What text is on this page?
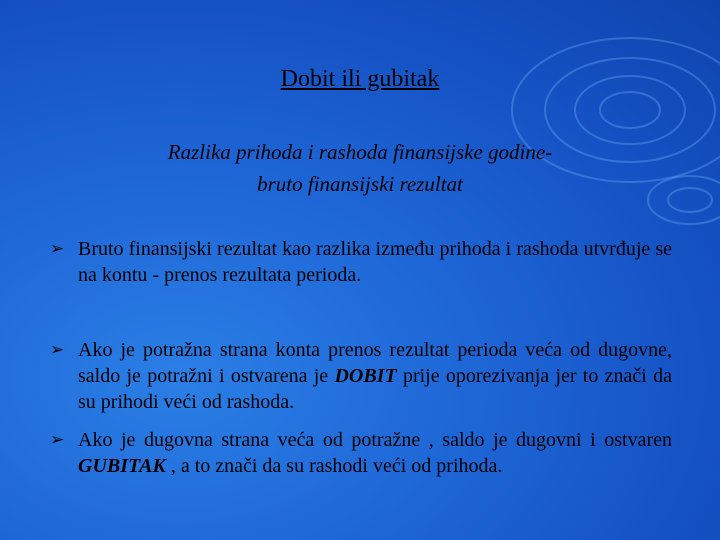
Dobit ili gubitak
Razlika prihoda i rashoda finansijske godine-
bruto finansijski rezultat
➢ Bruto finansijski rezultat kao razlika između prihoda i rashoda utvrđuje se na kontu - prenos rezultata perioda.
➢ Ako je potražna strana konta prenos rezultat perioda veća od dugovne, saldo je potražni i ostvarena je DOBIT prije oporezivanja jer to znači da su prihodi veći od rashoda.
➢ Ako je dugovna strana veća od potražne , saldo je dugovni i ostvaren GUBITAK , a to znači da su rashodi veći od prihoda.
